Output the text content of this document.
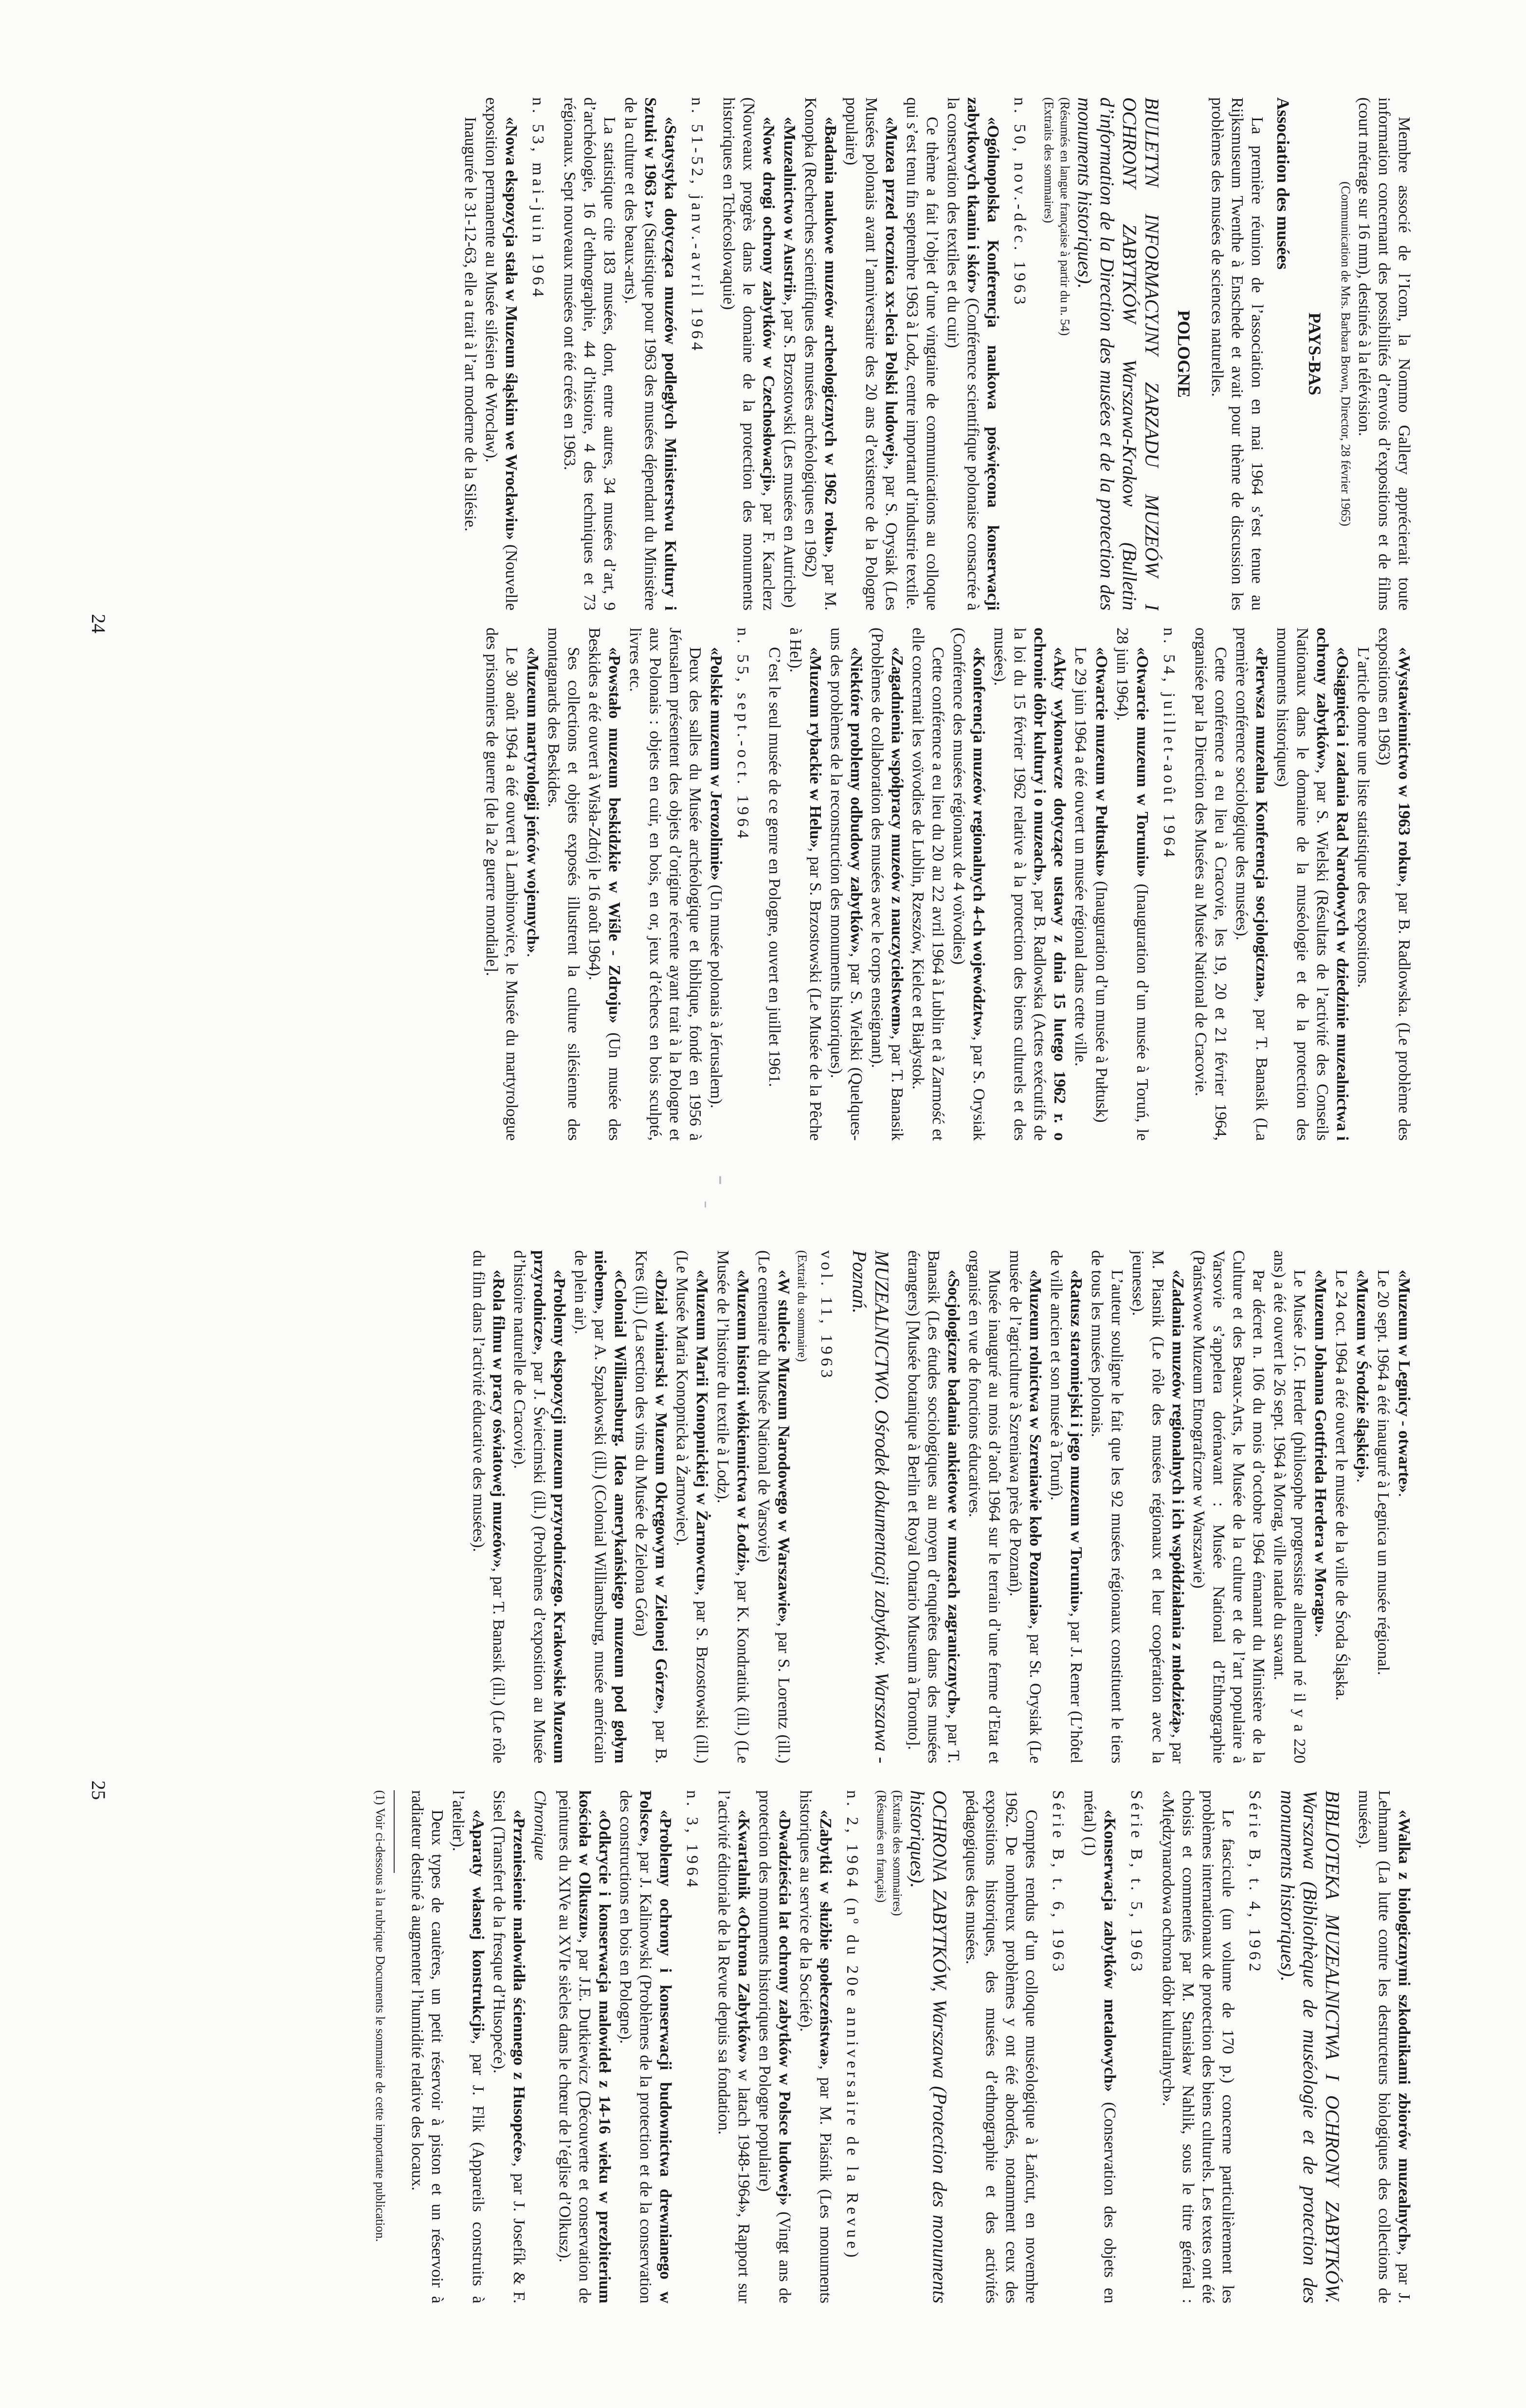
Membre associé de l’Icom, la Nommo Gallery apprécierait toute information concernant des possibilités d’envois d’expositions et de films (court métrage sur 16 mm), destinés à la télévision.

(Communication de Mrs. Barbara Brown, Director, 28 février 1965)

PAYS-BAS

Association des musées

La première réunion de l’association en mai 1964 s’est tenue au Rijksmuseum Twenthe à Enschede et avait pour thème de discussion les problèmes des musées de sciences naturelles.

POLOGNE

BIULETYN INFORMACYJNY ZARZADU MUZEÓW I OCHRONY ZABYTKÓW Warszawa-Krakow (Bulletin d’information de la Direction des musées et de la protection des monuments historiques).

(Résumés en langue française à partir du n. 54)

(Extraits des sommaires)

n. 50, nov.-déc. 1963

«Ogólnopolska Konferencja naukowa poświęcona konserwacji zabytkowych tkanin i skór» (Conférence scientifique polonaise consacrée à la conservation des textiles et du cuir)

Ce thème a fait l’objet d’une vingtaine de communications au colloque qui s’est tenu fin septembre 1963 à Lodz, centre important d’industrie textile.

«Muzea przed rocznica xx-lecia Polski ludowej», par S. Orysiak (Les Musées polonais avant l’anniversaire des 20 ans d’existence de la Pologne populaire)

«Badania naukowe muzeów archeologicznych w 1962 roku», par M. Konopka (Recherches scientifiques des musées archéologiques en 1962)

«Muzealnictwo w Austrii», par S. Brzostowski (Les musées en Autriche)

«Nowe drogi ochrony zabytków w Czechosłowacji», par F. Kanclerz (Nouveaux progrès dans le domaine de la protection des monuments historiques en Tchécoslovaquie)

n. 51-52, janv.-avril 1964

«Statystyka dotycząca muzeów podległych Ministerstwu Kultury i Sztuki w 1963 r.» (Statistique pour 1963 des musées dépendant du Ministère de la culture et des beaux-arts).

La statistique cite 183 musées, dont, entre autres, 34 musées d’art, 9 d’archéologie, 16 d’ethnographie, 44 d’histoire, 4 des techniques et 73 régionaux. Sept nouveaux musées ont été créés en 1963.

n. 53, mai-juin 1964

«Nowa ekspozycja stała w Muzeum śląskim we Wrocławiu» (Nouvelle exposition permanente au Musée silésien de Wroclaw).

Inaugurée le 31-12-63, elle a trait à l’art moderne de la Silésie.

«Wystawiennictwo w 1963 roku», par B. Radlowska. (Le problème des expositions en 1963)

L’article donne une liste statistique des expositions.

«Osiągnięcia i zadania Rad Narodowych w dziedzinie muzealnictwa i ochrony zabytków», par S. Wielski (Résultats de l’activité des Conseils Nationaux dans le domaine de la muséologie et de la protection des monuments historiques)

«Pierwsza muzealna Konferencja socjologiczna», par T. Banasik (La première conférence sociologique des musées).

Cette conférence a eu lieu à Cracovie, les 19, 20 et 21 février 1964, organisée par la Direction des Musées au Musée National de Cracovie.

n. 54, juillet-août 1964

«Otwarcie muzeum w Toruniu» (Inauguration d’un musée à Toruń, le 28 juin 1964).

«Otwarcie muzeum w Pułtusku» (Inauguration d’un musée à Pułtusk)

Le 29 juin 1964 a été ouvert un musée régional dans cette ville.

«Akty wykonawcze dotyczące ustawy z dnia 15 lutego 1962 r. o ochronie dóbr kultury i o muzeach», par B. Radlowska (Actes exécutifs de la loi du 15 février 1962 relative à la protection des biens culturels et des musées).

«Konferencja muzeów regionalnych 4-ch województw», par S. Orysiak (Conférence des musées régionaux de 4 voïvodies)

Cette conférence a eu lieu du 20 au 22 avril 1964 à Lublin et à Zarmość et elle concernait les voïvodies de Lublin, Rzeszów, Kielce et Białystok.

«Zagadnienia współpracy muzeów z nauczycielstwem», par T. Banasik (Problèmes de collaboration des musées avec le corps enseignant).

«Niektóre problemy odbudowy zabytków», par S. Wielski (Quelques-uns des problèmes de la reconstruction des monuments historiques).

«Muzeum rybackie w Helu», par S. Brzostowski (Le Musée de la Pêche à Hel).

C’est le seul musée de ce genre en Pologne, ouvert en juillet 1961.

n. 55, sept.-oct. 1964

«Polskie muzeum w Jerozolimie» (Un musée polonais à Jérusalem).

Deux des salles du Musée archéologique et biblique, fondé en 1956 à Jérusalem présentent des objets d’origine récente ayant trait à la Pologne et aux Polonais : objets en cuir, en bois, en or, jeux d’échecs en bois sculpté, livres etc.

«Powstało muzeum beskidzkie w Wiśle - Zdroju» (Un musée des Beskides a été ouvert à Wisła-Zdrój le 16 août 1964).

Ses collections et objets exposés illustrent la culture silésienne des montagnards des Beskides.

«Muzeum martyrologii jeńców wojennych».

Le 30 août 1964 a été ouvert à Lambinowice, le Musée du martyrologue des prisonniers de guerre [de la 2e guerre mondiale].

24

«Muzeum w Legnicy - otwarte».

Le 20 sept. 1964 a été inauguré à Legnica un musée régional.

«Muzeum w Środzie śląskiej».

Le 24 oct. 1964 a été ouvert le musée de la ville de Środa Śląska.

«Muzeum Johanna Gottfrieda Herdera w Moragu».

Le Musée J.G. Herder (philosophe progressiste allemand né il y a 220 ans) a été ouvert le 26 sept. 1964 à Morag, ville natale du savant.

Par décret n. 106 du mois d’octobre 1964 émanant du Ministère de la Culture et des Beaux-Arts, le Musée de la culture et de l’art populaire à Varsovie s’appelera dorénavant : Musée National d’Ethnographie (Państwowe Muzeum Etnograficzne w Warszawie)

«Zadania muzeów regionalnych i ich współdziałania z młodzieżą», par M. Piasnik (Le rôle des musées régionaux et leur coopération avec la jeunesse).

L’auteur souligne le fait que les 92 musées régionaux constituent le tiers de tous les musées polonais.

«Ratusz staromiejski i jego muzeum w Toruniu», par J. Remer (L’hôtel de ville ancien et son musée à Toruń).

«Muzeum rolnictwa w Szreniawie koło Poznania», par St. Orysiak (Le musée de l’agriculture à Szreniawa près de Poznań).

Musée inauguré au mois d’août 1964 sur le terrain d’une ferme d’Etat et organisé en vue de fonctions éducatives.

«Socjologiczne badania ankietowe w muzeach zagranicznych», par T. Banasik (Les études sociologiques au moyen d’enquêtes dans des musées étrangers) [Musée botanique à Berlin et Royal Ontario Museum à Toronto].

MUZEALNICTWO. Ośrodek dokumentacji zabytków. Warszawa - Poznań.

vol. 11, 1963

(Extrait du sommaire)

«W stulecie Muzeum Narodowego w Warszawie», par S. Lorentz (ill.) (Le centenaire du Musée National de Varsovie)

«Muzeum historii włókiennictwa w Łodzi», par K. Kondratiuk (ill.) (Le Musée de l’histoire du textile à Lodz).

«Muzeum Marii Konopnickiej w Żarnowcu», par S. Brzostowski (ill.) (Le Musée Maria Konopnicka à Żarnowiec).

«Dział winiarski w Muzeum Okręgowym w Zielonej Górze», par B. Kres (ill.) (La section des vins du Musée de Zielona Góra)

«Colonial Williamsburg. Idea amerykańskiego muzeum pod gołym niebem», par A. Szpakowski (ill.) (Colonial Williamsburg, musée américain de plein air).

«Problemy ekspozycji muzeum przyrodniczego. Krakowskie Muzeum przyrodnicze», par J. Świecimski (ill.) (Problèmes d’exposition au Musée d’histoire naturelle de Cracovie).

«Rola filmu w pracy oświatowej muzeów», par T. Banasik (ill.) (Le rôle du film dans l’activité éducative des musées).

«Walka z biologicznymi szkodnikami zbiorów muzealnych», par J. Lehmann (La lutte contre les destructeurs biologiques des collections de musées).

BIBLIOTEKA MUZEALNICTWA I OCHRONY ZABYTKÓW. Warszawa (Bibliothèque de muséologie et de protection des monuments historiques).

Série B, t. 4, 1962

Le fascicule (un volume de 170 p.) concerne particulièrement les problèmes internationaux de protection des biens culturels. Les textes ont été choisis et commentés par M. Stanisław Nahlik, sous le titre général : «Międzynarodowa ochrona dóbr kulturalnych».

Série B, t. 5, 1963

«Konserwacja zabytków metalowych» (Conservation des objets en métal) (1)

Série B, t. 6, 1963

Comptes rendus d’un colloque muséologique à Łańcut, en novembre 1962. De nombreux problèmes y ont été abordés, notamment ceux des expositions historiques, des musées d’ethnographie et des activités pédagogiques des musées.

OCHRONA ZABYTKÓW, Warszawa (Protection des monuments historiques).

(Extraits des sommaires)

(Résumés en français)

n. 2, 1964 (nº du 20e anniversaire de la Revue)

«Zabytki w służbie społeczeństwa», par M. Piaśnik (Les monuments historiques au service de la Société).

«Dwadzieścia lat ochrony zabytków w Polsce ludowej» (Vingt ans de protection des monuments historiques en Pologne populaire)

«Kwartalnik «Ochrona Zabytków» w latach 1948-1964», Rapport sur l’activité éditoriale de la Revue depuis sa fondation.

n. 3, 1964

«Problemy ochrony i konserwacji budownictwa drewnianego w Polsce», par J. Kalinowski (Problèmes de la protection et de la conservation des constructions en bois en Pologne).

«Odkrycie i konserwacja malowideł z 14-16 wieku w prezbiterium kościoła w Olkuszu», par J.E. Dutkiewicz (Découverte et conservation de peintures du XIVe au XVIe siècles dans le chœur de l’église d’Olkusz).

Chronique

«Przeniesienie malowidła ściennego z Husopeće», par J. Josefík & F. Sisel (Transfert de la fresque d’Husopeće).

«Aparaty własnej konstrukcji», par J. Flik (Appareils construits à l’atelier).

Deux types de cautères, un petit réservoir à piston et un réservoir à radiateur destiné à augmenter l’humidité relative des locaux.

(1) Voir ci-dessous à la rubrique Documents le sommaire de cette importante publication.

25
